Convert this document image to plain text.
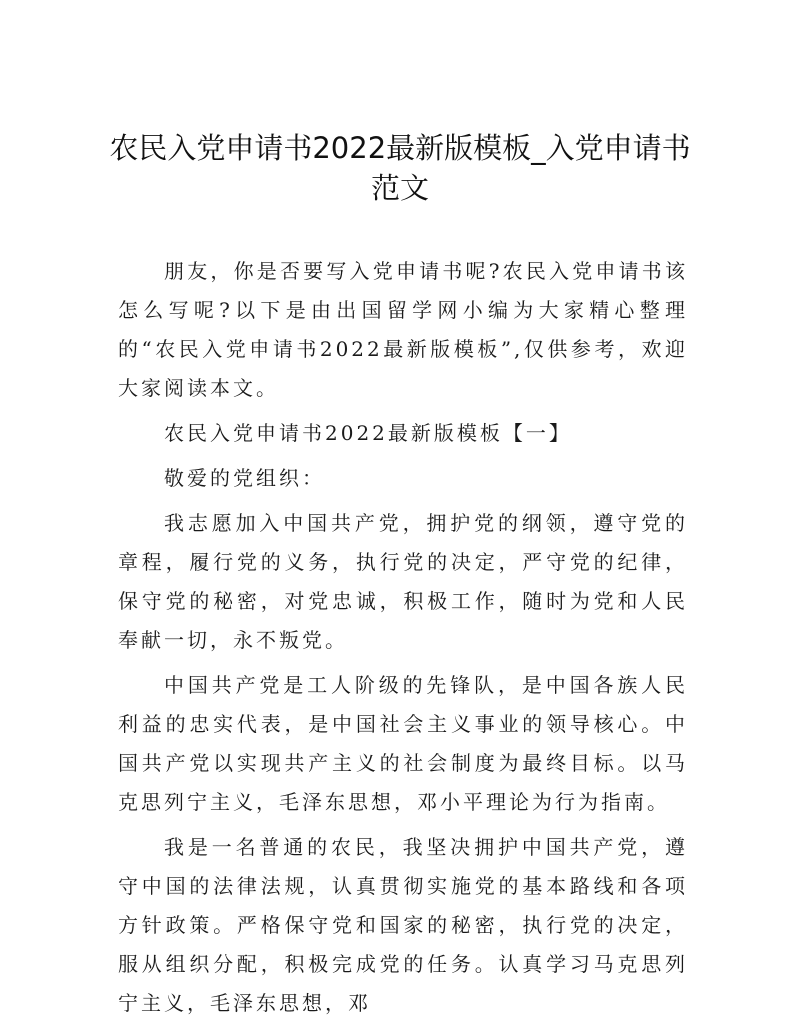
农民入党申请书2022最新版模板_入党申请书范文

朋友，你是否要写入党申请书呢?农民入党申请书该怎么写呢?以下是由出国留学网小编为大家精心整理的“农民入党申请书2022最新版模板”,仅供参考，欢迎大家阅读本文。

农民入党申请书2022最新版模板【一】

敬爱的党组织：

我志愿加入中国共产党，拥护党的纲领，遵守党的章程，履行党的义务，执行党的决定，严守党的纪律，保守党的秘密，对党忠诚，积极工作，随时为党和人民奉献一切，永不叛党。

中国共产党是工人阶级的先锋队，是中国各族人民利益的忠实代表，是中国社会主义事业的领导核心。中国共产党以实现共产主义的社会制度为最终目标。以马克思列宁主义，毛泽东思想，邓小平理论为行为指南。

我是一名普通的农民，我坚决拥护中国共产党，遵守中国的法律法规，认真贯彻实施党的基本路线和各项方针政策。严格保守党和国家的秘密，执行党的决定，服从组织分配，积极完成党的任务。认真学习马克思列宁主义，毛泽东思想，邓
